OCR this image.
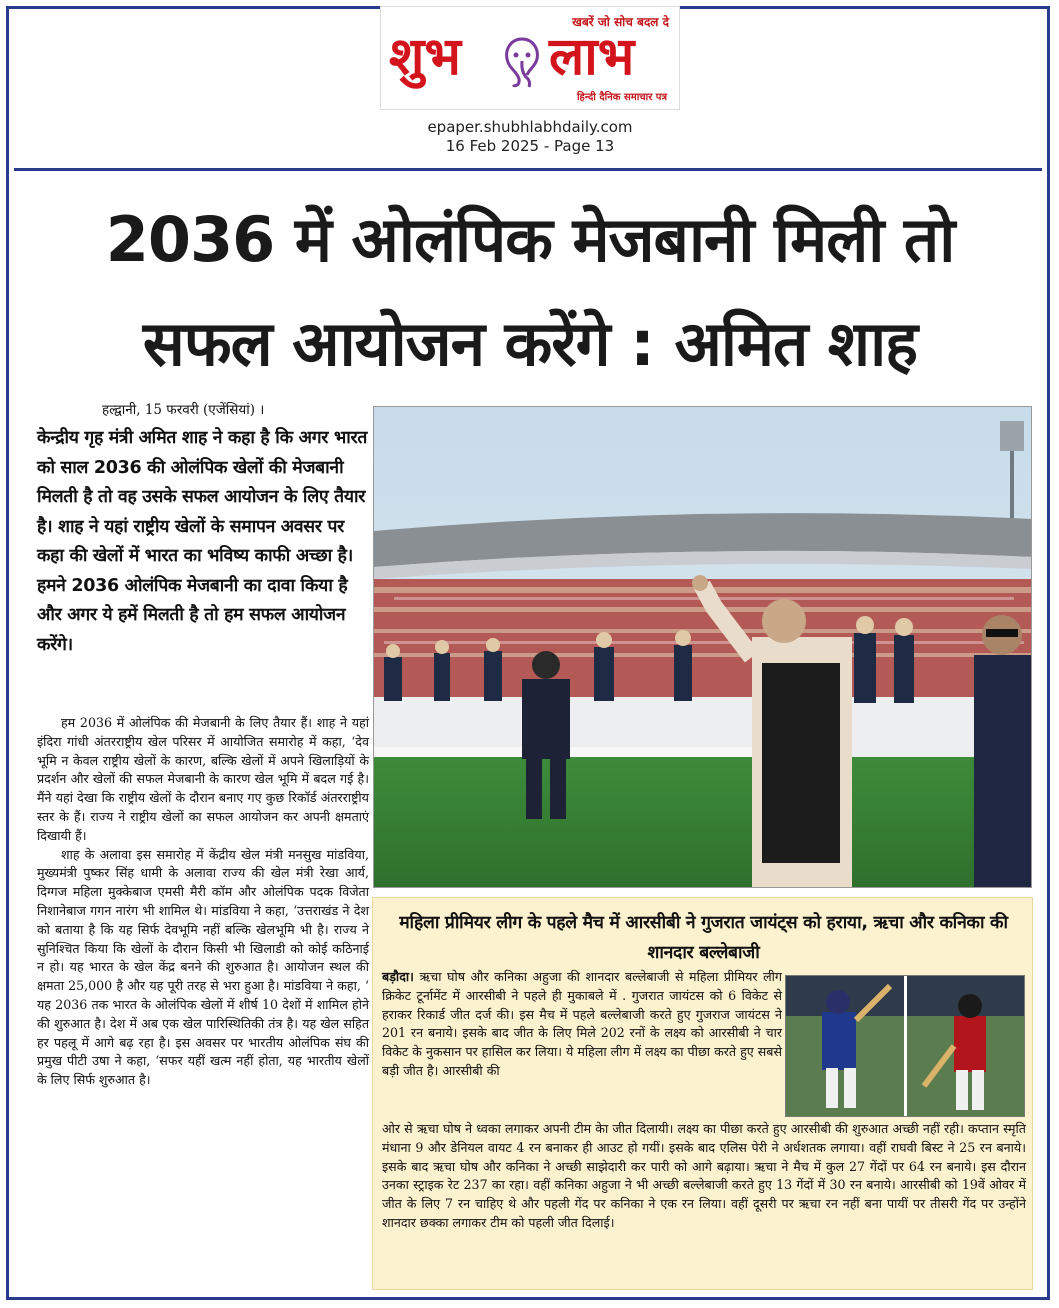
खबरें जो सोच बदल दे
शुभ लाभ
हिन्दी दैनिक समाचार पत्र
epaper.shubhlabhdaily.com
16 Feb 2025 - Page 13
2036 में ओलंपिक मेजबानी मिली तो
सफल आयोजन करेंगे : अमित शाह
हल्द्वानी, 15 फरवरी (एजेंसियां) ।
केन्द्रीय गृह मंत्री अमित शाह ने कहा है कि अगर भारत को साल 2036 की ओलंपिक खेलों की मेजबानी मिलती है तो वह उसके सफल आयोजन के लिए तैयार है। शाह ने यहां राष्ट्रीय खेलों के समापन अवसर पर कहा की खेलों में भारत का भविष्य काफी अच्छा है। हमने 2036 ओलंपिक मेजबानी का दावा किया है और अगर ये हमें मिलती है तो हम सफल आयोजन करेंगे।

हम 2036 में ओलंपिक की मेजबानी के लिए तैयार हैं। शाह ने यहां इंदिरा गांधी अंतरराष्ट्रीय खेल परिसर में आयोजित समारोह में कहा, ‘देव भूमि न केवल राष्ट्रीय खेलों के कारण, बल्कि खेलों में अपने खिलाड़ियों के प्रदर्शन और खेलों की सफल मेजबानी के कारण खेल भूमि में बदल गई है। मैंने यहां देखा कि राष्ट्रीय खेलों के दौरान बनाए गए कुछ रिकॉर्ड अंतरराष्ट्रीय स्तर के हैं। राज्य ने राष्ट्रीय खेलों का सफल आयोजन कर अपनी क्षमताएं दिखायी हैं।

शाह के अलावा इस समारोह में केंद्रीय खेल मंत्री मनसुख मांडविया, मुख्यमंत्री पुष्कर सिंह धामी के अलावा राज्य की खेल मंत्री रेखा आर्य, दिग्गज महिला मुक्केबाज एमसी मैरी कॉम और ओलंपिक पदक विजेता निशानेबाज गगन नारंग भी शामिल थे। मांडविया ने कहा, ‘उत्तराखंड ने देश को बताया है कि यह सिर्फ देवभूमि नहीं बल्कि खेलभूमि भी है। राज्य ने सुनिश्चित किया कि खेलों के दौरान किसी भी खिलाडी को कोई कठिनाई न हो। यह भारत के खेल केंद्र बनने की शुरुआत है। आयोजन स्थल की क्षमता 25,000 है और यह पूरी तरह से भरा हुआ है। मांडविया ने कहा, ‘ यह 2036 तक भारत के ओलंपिक खेलों में शीर्ष 10 देशों में शामिल होने की शुरुआत है। देश में अब एक खेल पारिस्थितिकी तंत्र है। यह खेल सहित हर पहलू में आगे बढ़ रहा है। इस अवसर पर भारतीय ओलंपिक संघ की प्रमुख पीटी उषा ने कहा, ‘सफर यहीं खत्म नहीं होता, यह भारतीय खेलों के लिए सिर्फ शुरुआत है।

महिला प्रीमियर लीग के पहले मैच में आरसीबी ने गुजरात जायंट्स को हराया, ऋचा और कनिका की शानदार बल्लेबाजी
बड़ौदा। ऋचा घोष और कनिका अहुजा की शानदार बल्लेबाजी से महिला प्रीमियर लीग क्रिकेट टूर्नामेंट में आरसीबी ने पहले ही मुकाबले में . गुजरात जायंटस को 6 विकेट से हराकर रिकार्ड जीत दर्ज की। इस मैच में पहले बल्लेबाजी करते हुए गुजराज जायंटस ने 201 रन बनाये। इसके बाद जीत के लिए मिले 202 रनों के लक्ष्य को आरसीबी ने चार विकेट के नुकसान पर हासिल कर लिया। ये महिला लीग में लक्ष्य का पीछा करते हुए सबसे बड़ी जीत है। आरसीबी की
ओर से ऋचा घोष ने ध्वका लगाकर अपनी टीम केा जीत दिलायी। लक्ष्य का पीछा करते हुए आरसीबी की शुरुआत अच्छी नहीं रही। कप्तान स्मृति मंधाना 9 और डेनियल वायट 4 रन बनाकर ही आउट हो गयीं। इसके बाद एलिस पेरी ने अर्धशतक लगाया। वहीं राघवी बिस्ट ने 25 रन बनाये। इसके बाद ऋचा घोष और कनिका ने अच्छी साझेदारी कर पारी को आगे बढ़ाया। ऋचा ने मैच में कुल 27 गेंदों पर 64 रन बनाये। इस दौरान उनका स्ट्राइक रेट 237 का रहा। वहीं कनिका अहुजा ने भी अच्छी बल्लेबाजी करते हुए 13 गेंदों में 30 रन बनाये। आरसीबी को 19वें ओवर में जीत के लिए 7 रन चाहिए थे और पहली गेंद पर कनिका ने एक रन लिया। वहीं दूसरी पर ऋचा रन नहीं बना पायीं पर तीसरी गेंद पर उन्होंने शानदार छक्का लगाकर टीम को पहली जीत दिलाई।
